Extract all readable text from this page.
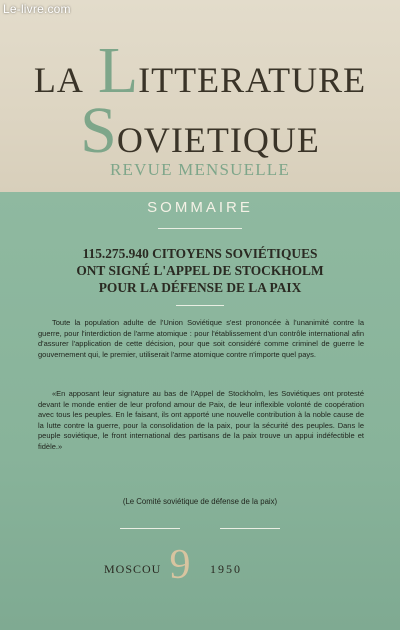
Le-livre.com
LA LITTERATURE
SOVIETIQUE
REVUE MENSUELLE
SOMMAIRE
115.275.940 CITOYENS SOVIÉTIQUES
ONT SIGNÉ L'APPEL DE STOCKHOLM
POUR LA DÉFENSE DE LA PAIX

Toute la population adulte de l'Union Soviétique s'est prononcée à l'unanimité contre la guerre, pour l'interdiction de l'arme atomique : pour l'établissement d'un contrôle international afin d'assurer l'application de cette décision, pour que soit considéré comme criminel de guerre le gouvernement qui, le premier, utiliserait l'arme atomique contre n'importe quel pays.

«En apposant leur signature au bas de l'Appel de Stockholm, les Soviétiques ont protesté devant le monde entier de leur profond amour de Paix, de leur inflexible volonté de coopération avec tous les peuples. En le faisant, ils ont apporté une nouvelle contribution à la noble cause de la lutte contre la guerre, pour la consolidation de la paix, pour la sécurité des peuples. Dans le peuple soviétique, le front international des partisans de la paix trouve un appui indéfectible et fidèle.»

(Le Comité soviétique de défense de la paix)
MOSCOU 9 1950
